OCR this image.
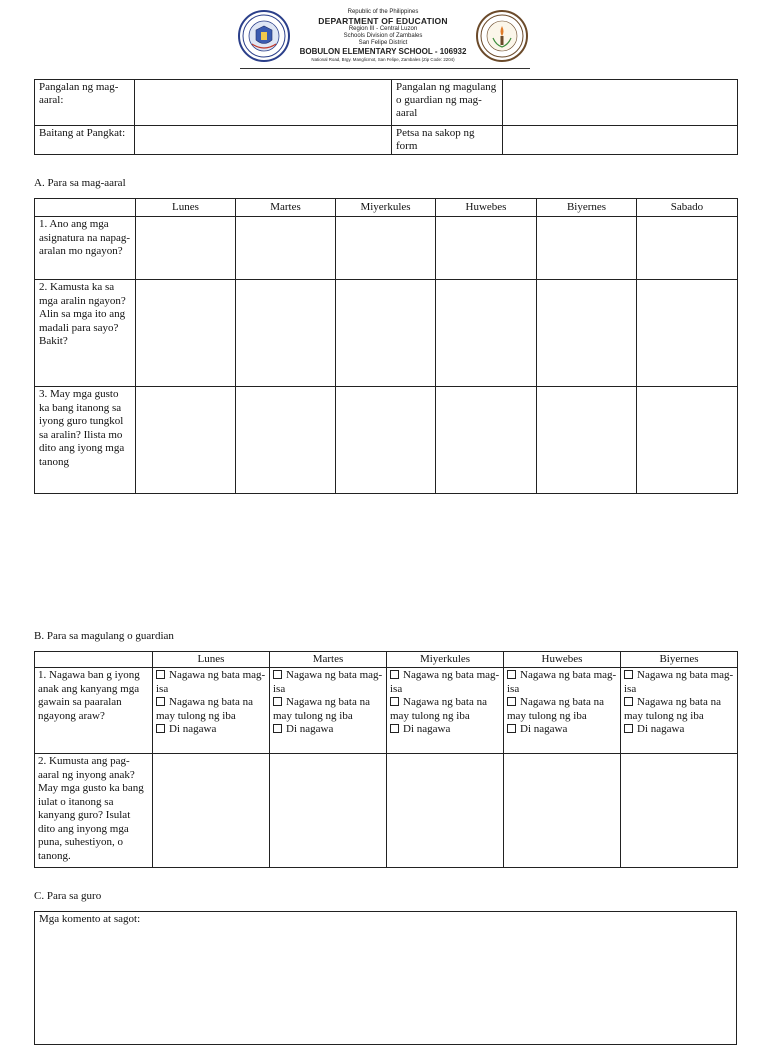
Republic of the Philippines
DEPARTMENT OF EDUCATION
Region III - Central Luzon
Schools Division of Zambales
San Felipe District
BOBULON ELEMENTARY SCHOOL - 106932
National Road, Brgy. Manglicmot, San Felipe, Zambales (Zip Code: 2204)
Pangalan ng mag-aaral:		Pangalan ng magulang o guardian ng mag-aaral	
Baitang at Pangkat:		Petsa na sakop ng form	
A. Para sa mag-aaral
	Lunes	Martes	Miyerkules	Huwebes	Biyernes	Sabado
1. Ano ang mga asignatura na napag-aralan mo ngayon?						
2. Kamusta ka sa mga aralin ngayon? Alin sa mga ito ang madali para sayo? Bakit?						
3. May mga gusto ka bang itanong sa iyong guro tungkol sa aralin? Ilista mo dito ang iyong mga tanong						
B. Para sa magulang o guardian
	Lunes	Martes	Miyerkules	Huwebes	Biyernes
1. Nagawa ban g iyong anak ang kanyang mga gawain sa paaralan ngayong araw?	Nagawa ng bata mag-isa
Nagawa ng bata na may tulong ng iba
Di nagawa	Nagawa ng bata mag-isa
Nagawa ng bata na may tulong ng iba
Di nagawa	Nagawa ng bata mag-isa
Nagawa ng bata na may tulong ng iba
Di nagawa	Nagawa ng bata mag-isa
Nagawa ng bata na may tulong ng iba
Di nagawa	Nagawa ng bata mag-isa
Nagawa ng bata na may tulong ng iba
Di nagawa

2. Kumusta ang pag-aaral ng inyong anak? May mga gusto ka bang iulat o itanong sa kanyang guro? Isulat dito ang inyong mga puna, suhestiyon, o tanong.					
C. Para sa guro
Mga komento at sagot:
